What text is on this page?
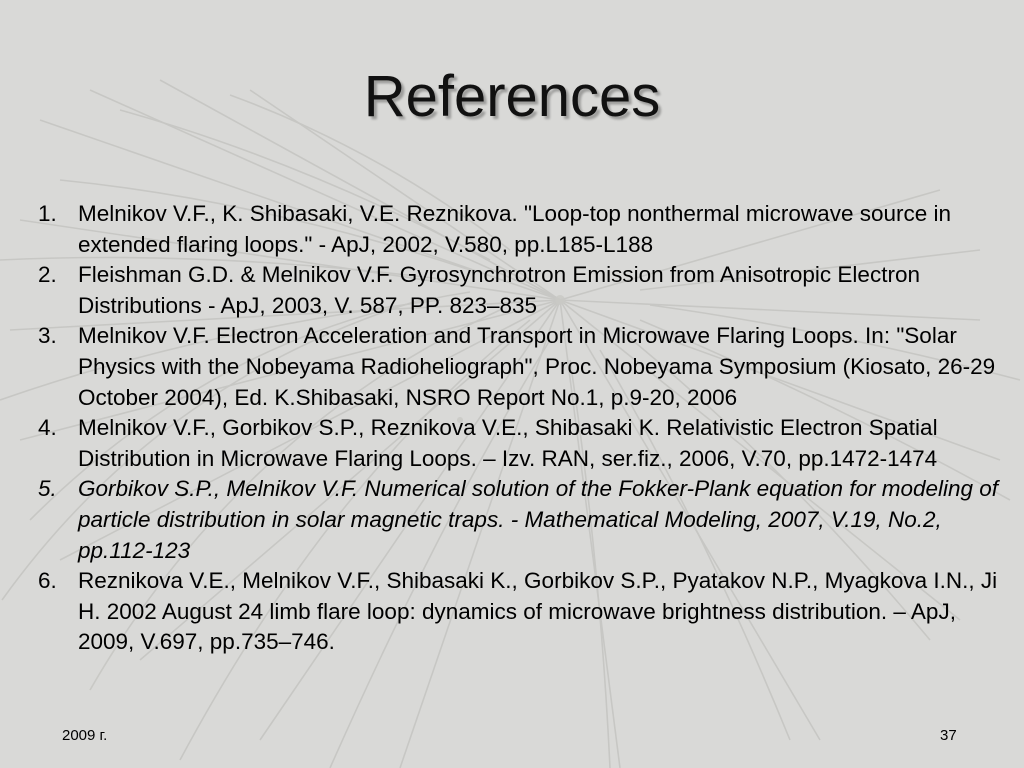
References
1. Melnikov V.F., K. Shibasaki, V.E. Reznikova. "Loop-top nonthermal microwave source in extended flaring loops." - ApJ, 2002, V.580, pp.L185-L188
2. Fleishman G.D. & Melnikov V.F. Gyrosynchrotron Emission from Anisotropic Electron Distributions - ApJ, 2003, V. 587, PP. 823–835
3. Melnikov V.F. Electron Acceleration and Transport in Microwave Flaring Loops. In: "Solar Physics with the Nobeyama Radioheliograph", Proc. Nobeyama Symposium (Kiosato, 26-29 October 2004), Ed. K.Shibasaki, NSRO Report No.1, p.9-20, 2006
4. Melnikov V.F., Gorbikov S.P., Reznikova V.E., Shibasaki K. Relativistic Electron Spatial Distribution in Microwave Flaring Loops. – Izv. RAN, ser.fiz., 2006, V.70, pp.1472-1474
5. Gorbikov S.P., Melnikov V.F. Numerical solution of the Fokker-Plank equation for modeling of particle distribution in solar magnetic traps. - Mathematical Modeling, 2007, V.19, No.2, pp.112-123
6. Reznikova V.E., Melnikov V.F., Shibasaki K., Gorbikov S.P., Pyatakov N.P., Myagkova I.N., Ji H. 2002 August 24 limb flare loop: dynamics of microwave brightness distribution. – ApJ, 2009, V.697, pp.735–746.
2009 г.	37
